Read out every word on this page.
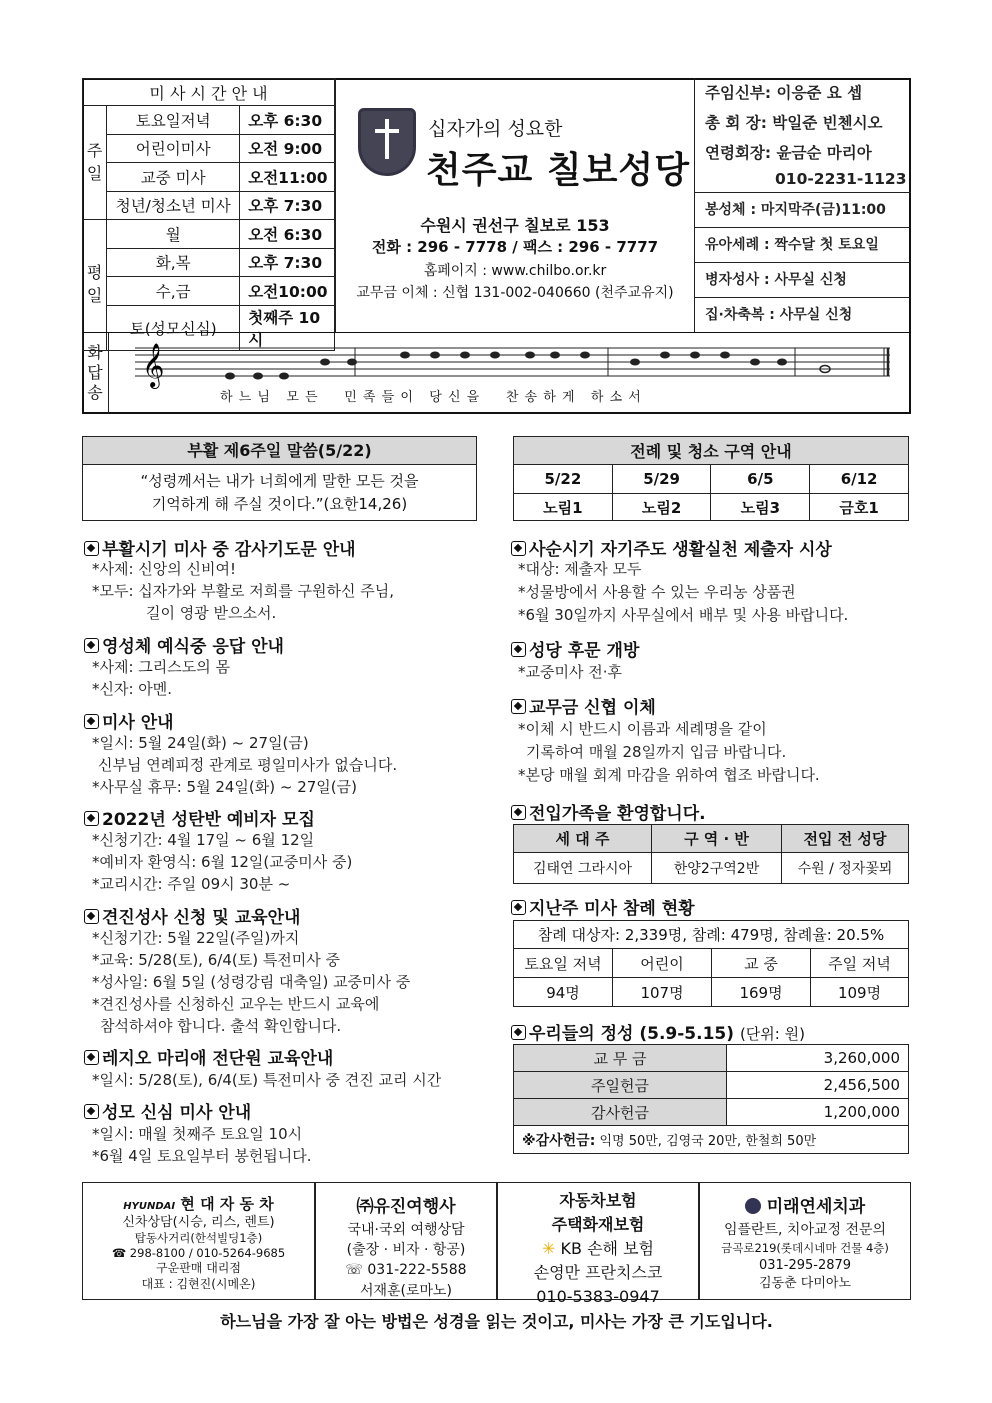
미 사 시 간 안 내		
주일	토요일저녁	오후 6:30
	어린이미사	오전 9:00
	교중 미사	오전11:00
	청년/청소년 미사	오후 7:30
평일	월	오전 6:30
	화,목	오후 7:30
	수,금	오전10:00
	토(성모신심)	첫째주 10시
십자가의 성요한
천주교 칠보성당
수원시 권선구 칠보로 153
전화 : 296 - 7778 / 팩스 : 296 - 7777
홈페이지 : www.chilbo.or.kr
교무금 이체 : 신협 131-002-040660 (천주교유지)
주임신부: 이응준 요 셉
총 회 장: 박일준 빈첸시오
연령회장: 윤금순 마리아
010-2231-1123
봉성체 : 마지막주(금)11:00
유아세례 : 짝수달 첫 토요일
병자성사 : 사무실 신청
집·차축복 : 사무실 신청
화답송
𝄞
하 느 님   모 든     민 족 들 이   당 신 을     찬 송 하 게   하 소 서
부활 제6주일 말씀(5/22)
“성령께서는 내가 너희에게 말한 모든 것을
기억하게 해 주실 것이다.”(요한14,26)
전례 및 청소 구역 안내			
5/22	5/29	6/5	6/12
노림1	노림2	노림3	금호1
부활시기 미사 중 감사기도문 안내
*사제: 신앙의 신비여!
*모두: 십자가와 부활로 저희를 구원하신 주님,
길이 영광 받으소서.
영성체 예식중 응답 안내
*사제: 그리스도의 몸
*신자: 아멘.
미사 안내
*일시: 5월 24일(화) ~ 27일(금)
신부님 연례피정 관계로 평일미사가 없습니다.
*사무실 휴무: 5월 24일(화) ~ 27일(금)
2022년 성탄반 예비자 모집
*신청기간: 4월 17일 ~ 6월 12일
*예비자 환영식: 6월 12일(교중미사 중)
*교리시간: 주일 09시 30분 ~
견진성사 신청 및 교육안내
*신청기간: 5월 22일(주일)까지
*교육: 5/28(토), 6/4(토) 특전미사 중
*성사일: 6월 5일 (성령강림 대축일) 교중미사 중
*견진성사를 신청하신 교우는 반드시 교육에
참석하셔야 합니다. 출석 확인합니다.
레지오 마리애 전단원 교육안내
*일시: 5/28(토), 6/4(토) 특전미사 중 견진 교리 시간
성모 신심 미사 안내
*일시: 매월 첫째주 토요일 10시
*6월 4일 토요일부터 봉헌됩니다.
사순시기 자기주도 생활실천 제출자 시상
*대상: 제출자 모두
*성물방에서 사용할 수 있는 우리농 상품권
*6월 30일까지 사무실에서 배부 및 사용 바랍니다.
성당 후문 개방
*교중미사 전·후
교무금 신협 이체
*이체 시 반드시 이름과 세례명을 같이
기록하여 매월 28일까지 입금 바랍니다.
*본당 매월 회계 마감을 위하여 협조 바랍니다.
전입가족을 환영합니다.
세 대 주	구 역 · 반	전입 전 성당
김태연 그라시아	한양2구역2반	수원 / 정자꽃뫼
지난주 미사 참례 현황
참례 대상자: 2,339명, 참례: 479명, 참례율: 20.5%			
토요일 저녁	어린이	교 중	주일 저녁
94명	107명	169명	109명
우리들의 정성 (5.9-5.15) (단위: 원)
교 무 금	3,260,000
주일헌금	2,456,500
감사헌금	1,200,000
※감사헌금: 익명 50만, 김영국 20만, 한철희 50만	
HYUNDAI 현 대 자 동 차
신차상담(시승, 리스, 렌트)
탑동사거리(한석빌딩1층)
☎ 298-8100 / 010-5264-9685
구운판매 대리점
대표 : 김현진(시메온)
㈜유진여행사
국내·국외 여행상담
(출장 · 비자 · 항공)
☏ 031-222-5588
서재훈(로마노)
자동차보험
주택화재보험
✳ KB 손해 보험
손영만 프란치스코
010-5383-0947
미래연세치과
임플란트, 치아교정 전문의
금곡로219(롯데시네마 건물 4층)
031-295-2879
김동춘 다미아노
하느님을 가장 잘 아는 방법은 성경을 읽는 것이고, 미사는 가장 큰 기도입니다.
